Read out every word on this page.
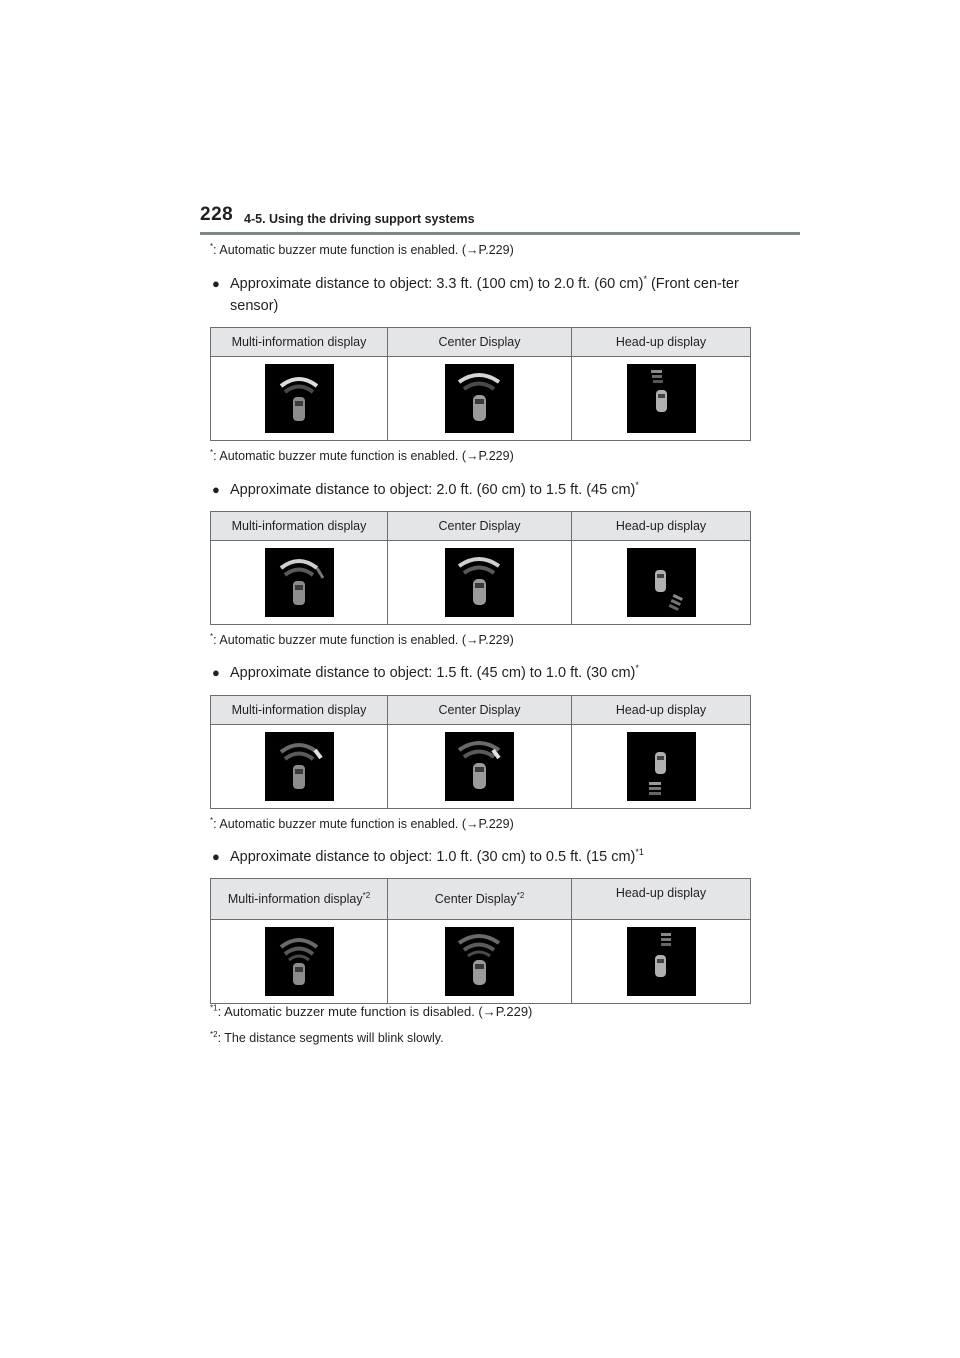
228 4-5. Using the driving support systems
*: Automatic buzzer mute function is enabled. (→P.229)
● Approximate distance to object: 3.3 ft. (100 cm) to 2.0 ft. (60 cm)* (Front cen-ter sensor)
Multi-information display	Center Display	Head-up display

*: Automatic buzzer mute function is enabled. (→P.229)
● Approximate distance to object: 2.0 ft. (60 cm) to 1.5 ft. (45 cm)*
Multi-information display	Center Display	Head-up display

*: Automatic buzzer mute function is enabled. (→P.229)
● Approximate distance to object: 1.5 ft. (45 cm) to 1.0 ft. (30 cm)*
Multi-information display	Center Display	Head-up display

*: Automatic buzzer mute function is enabled. (→P.229)
● Approximate distance to object: 1.0 ft. (30 cm) to 0.5 ft. (15 cm)$^{*1}$
Multi-information display$^{*2}$	Center Display$^{*2}$	Head-up display

$^{*1}$: Automatic buzzer mute function is disabled. (→P.229)
$^{*2}$: The distance segments will blink slowly.
